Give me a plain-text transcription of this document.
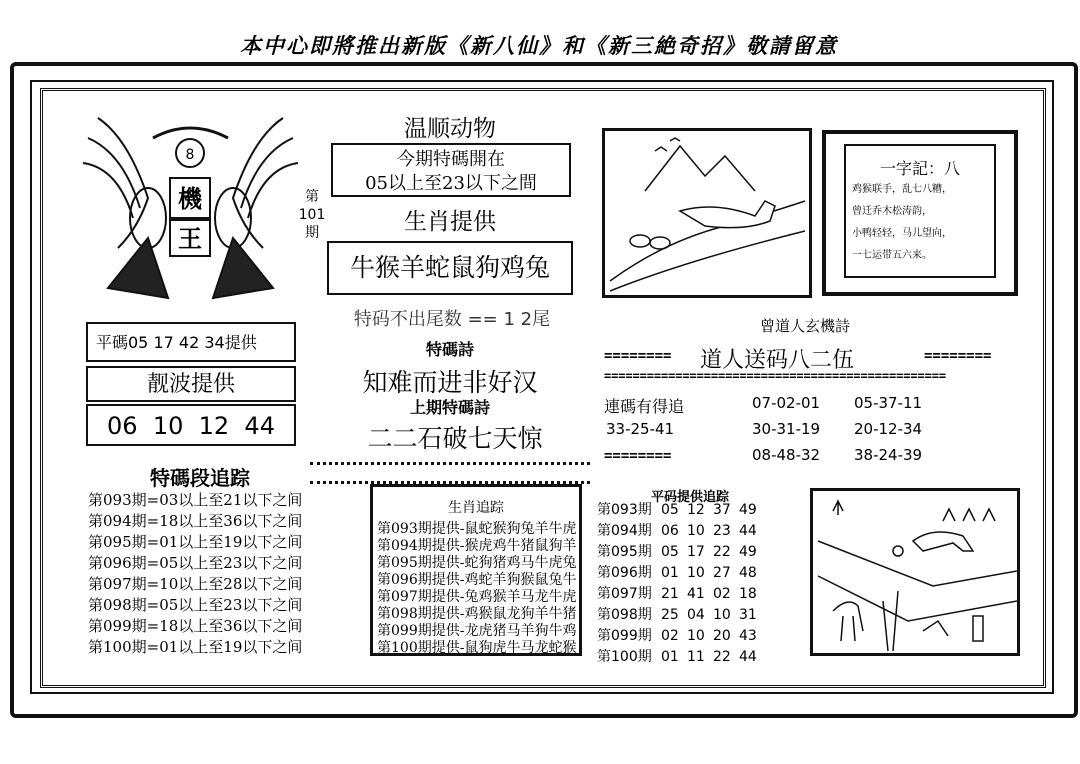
本中心即將推出新版《新八仙》和《新三絶奇招》敬請留意
8
機
王
第
101
期
温顺动物
今期特碼開在
05以上至23以下之間
生肖提供
牛猴羊蛇鼠狗鸡兔
特码不出尾数 == 1 2尾
特碼詩
知难而进非好汉
上期特碼詩
二二石破七天惊
平碼05 17 42 34提供
靓波提供
06  10  12  44
特碼段追踪
第093期=03以上至21以下之间
第094期=18以上至36以下之间
第095期=01以上至19以下之间
第096期=05以上至23以下之间
第097期=10以上至28以下之间
第098期=05以上至23以下之间
第099期=18以上至36以下之间
第100期=01以上至19以下之间
生肖追踪
第093期提供-鼠蛇猴狗兔羊牛虎
第094期提供-猴虎鸡牛猪鼠狗羊
第095期提供-蛇狗猪鸡马牛虎兔
第096期提供-鸡蛇羊狗猴鼠兔牛
第097期提供-兔鸡猴羊马龙牛虎
第098期提供-鸡猴鼠龙狗羊牛猪
第099期提供-龙虎猪马羊狗牛鸡
第100期提供-鼠狗虎牛马龙蛇猴
一字記：八
鸡猴联手，乱七八糟，
曾迁乔木松涛韵，
小鸭轻轻，马儿望向，
一七运带五六来。
曾道人玄機詩
======== 道人送码八二伍	========
================================================
連碼有得追	07-02-01 05-37-11
33-25-41	30-31-19 20-12-34
08-48-32 38-24-39
========
平码提供追踪
第093期 05 12 37 49
第094期 06 10 23 44
第095期 05 17 22 49
第096期 01 10 27 48
第097期 21 41 02 18
第098期 25 04 10 31
第099期 02 10 20 43
第100期 01 11 22 44
